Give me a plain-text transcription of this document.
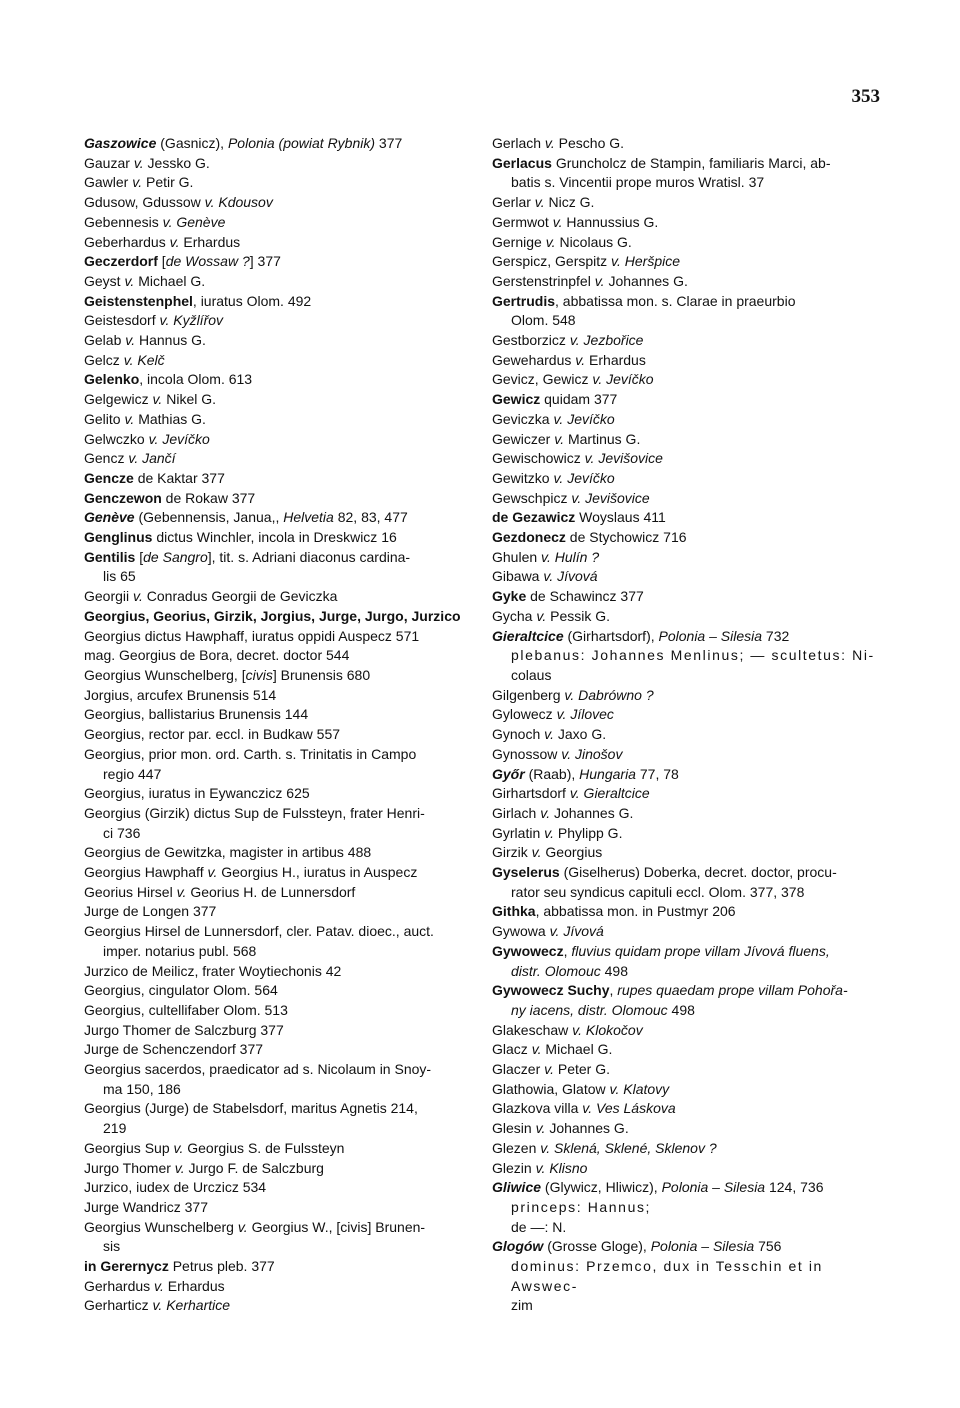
353
Gaszowice (Gasnicz), Polonia (powiat Rybnik) 377
Gauzar v. Jessko G.
Gawler v. Petir G.
Gdusow, Gdussow v. Kdousov
Gebennesis v. Genève
Geberhardus v. Erhardus
Geczerdorf [de Wossaw ?] 377
Geyst v. Michael G.
Geistenstenphel, iuratus Olom. 492
Geistesdorf v. Kyžlířov
Gelab v. Hannus G.
Gelcz v. Kelč
Gelenko, incola Olom. 613
Gelgewicz v. Nikel G.
Gelito v. Mathias G.
Gelwczko v. Jevíčko
Gencz v. Jančí
Gencze de Kaktar 377
Genczewon de Rokaw 377
Genève (Gebennensis, Janua,, Helvetia 82, 83, 477
Genglinus dictus Winchler, incola in Dreskwicz 16
Gentilis [de Sangro], tit. s. Adriani diaconus cardina-
lis 65
Georgii v. Conradus Georgii de Geviczka
Georgius, Georius, Girzik, Jorgius, Jurge, Jurgo, Jurzico
Georgius dictus Hawphaff, iuratus oppidi Auspecz 571
mag. Georgius de Bora, decret. doctor 544
Georgius Wunschelberg, [civis] Brunensis 680
Jorgius, arcufex Brunensis 514
Georgius, ballistarius Brunensis 144
Georgius, rector par. eccl. in Budkaw 557
Georgius, prior mon. ord. Carth. s. Trinitatis in Campo
regio 447
Georgius, iuratus in Eywanczicz 625
Georgius (Girzik) dictus Sup de Fulssteyn, frater Henri-
ci 736
Georgius de Gewitzka, magister in artibus 488
Georgius Hawphaff v. Georgius H., iuratus in Auspecz
Georius Hirsel v. Georius H. de Lunnersdorf
Jurge de Longen 377
Georgius Hirsel de Lunnersdorf, cler. Patav. dioec., auct.
imper. notarius publ. 568
Jurzico de Meilicz, frater Woytiechonis 42
Georgius, cingulator Olom. 564
Georgius, cultellifaber Olom. 513
Jurgo Thomer de Salczburg 377
Jurge de Schenczendorf 377
Georgius sacerdos, praedicator ad s. Nicolaum in Snoy-
ma 150, 186
Georgius (Jurge) de Stabelsdorf, maritus Agnetis 214,
219
Georgius Sup v. Georgius S. de Fulssteyn
Jurgo Thomer v. Jurgo F. de Salczburg
Jurzico, iudex de Urczicz 534
Jurge Wandricz 377
Georgius Wunschelberg v. Georgius W., [civis] Brunen-
sis
in Gerernycz Petrus pleb. 377
Gerhardus v. Erhardus
Gerharticz v. Kerhartice
Gerlach v. Pescho G.
Gerlacus Gruncholcz de Stampin, familiaris Marci, ab-
batis s. Vincentii prope muros Wratisl. 37
Gerlar v. Nicz G.
Germwot v. Hannussius G.
Gernige v. Nicolaus G.
Gerspicz, Gerspitz v. Heršpice
Gerstenstrinpfel v. Johannes G.
Gertrudis, abbatissa mon. s. Clarae in praeurbio
Olom. 548
Gestborzicz v. Jezbořice
Gewehardus v. Erhardus
Gevicz, Gewicz v. Jevíčko
Gewicz quidam 377
Geviczka v. Jevíčko
Gewiczer v. Martinus G.
Gewischowicz v. Jevišovice
Gewitzko v. Jevíčko
Gewschpicz v. Jevišovice
de Gezawicz Woyslaus 411
Gezdonecz de Stychowicz 716
Ghulen v. Hulín ?
Gibawa v. Jívová
Gyke de Schawincz 377
Gycha v. Pessik G.
Gieraltcice (Girhartsdorf), Polonia – Silesia 732
plebanus: Johannes Menlinus; — scultetus: Ni-
colaus
Gilgenberg v. Dabrówno ?
Gylowecz v. Jílovec
Gynoch v. Jaxo G.
Gynossow v. Jinošov
Győr (Raab), Hungaria 77, 78
Girhartsdorf v. Gieraltcice
Girlach v. Johannes G.
Gyrlatin v. Phylipp G.
Girzik v. Georgius
Gyselerus (Giselherus) Doberka, decret. doctor, procu-
rator seu syndicus capituli eccl. Olom. 377, 378
Githka, abbatissa mon. in Pustmyr 206
Gywowa v. Jívová
Gywowecz, fluvius quidam prope villam Jívová fluens,
distr. Olomouc 498
Gywowecz Suchy, rupes quaedam prope villam Pohořa-
ny iacens, distr. Olomouc 498
Glakeschaw v. Klokočov
Glacz v. Michael G.
Glaczer v. Peter G.
Glathowia, Glatow v. Klatovy
Glazkova villa v. Ves Láskova
Glesin v. Johannes G.
Glezen v. Sklená, Sklené, Sklenov ?
Glezin v. Klisno
Gliwice (Glywicz, Hliwicz), Polonia – Silesia 124, 736
princeps: Hannus;
de —: N.
Glogów (Grosse Gloge), Polonia – Silesia 756
dominus: Przemco, dux in Tesschin et in Awswec-
zim
